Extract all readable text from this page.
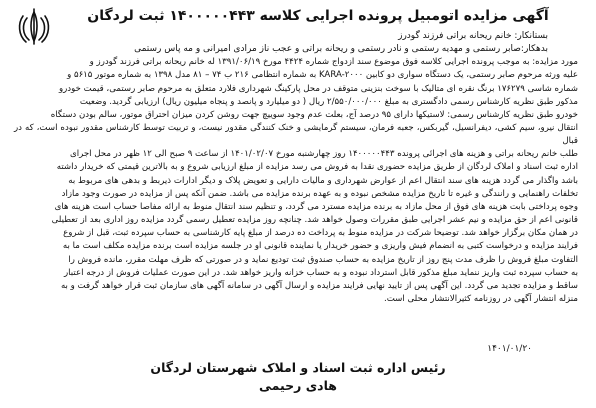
آگهی مزایده اتومبیل پرونده اجرایی کلاسه ۱۴۰۰۰۰۰۴۴۳ ثبت لردگان

بستانکار: خانم ریحانه براتی فرزند گودرز

بدهکار:صابر رستمی و مهدیه رستمی و نادر رستمی و ریحانه براتی و عجب ناز مرادی امیرانی و مه پاس رستمی

مورد مزایده: به موجب پرونده اجرایی کلاسه فوق موضوع سند ازدواج شماره ۴۴۲۴ مورخ ۱۳۹۱/۰۶/۱۹ له خانم ریحانه براتی فرزند گودرز و
علیه ورثه مرحوم صابر رستمی، یک دستگاه سواری دو کابین KARA-۲۰۰۰ به شماره انتظامی ۲۱۶ ب ۷۴ – ۸۱ مدل ۱۳۹۸ به شماره موتور ۵۶۱۵ و
شماره شاسی ۱۷۶۲۷۹ برنگ نقره ای متالیک با سوخت بنزینی متوقف در محل پارکینگ شهرداری فلارد متعلق به مرحوم صابر رستمی، قیمت خودرو
مذکور طبق نظریه کارشناس رسمی دادگستری به مبلغ ۲/۵۵۰/۰۰۰/۰۰۰ ریال ( دو میلیارد و پانصد و پنجاه میلیون ریال) ارزیابی گردید. وضعیت
خودرو طبق نظریه کارشناس رسمی: لاستیکها دارای ۹۵ درصد آج، بعلت عدم وجود سوییچ جهت روشن کردن میزان احتراق موتور، سالم بودن دستگاه
انتقال نیرو، سیم کشی، دیفرانسیل، گیربکس، جعبه فرمان، سیستم گرمایشی و خنک کنندگی مقدور نیست، و تربیت توسط کارشناس مقدور نبوده است، که در قبال
طلب خانم ریحانه براتی و هزینه های اجرائی پرونده ۱۴۰۰۰۰۰۴۴۳ روز چهارشنبه مورخ ۱۴۰۱/۰۲/۰۷ از ساعت ۹ صبح الی ۱۲ ظهر در محل اجرای
اداره ثبت اسناد و املاک لردگان از طریق مزایده حضوری نقدا به فروش می رسد مزایده از مبلغ ارزیابی شروع و به بالاترین قیمتی که خریدار داشته
باشد واگذار می گردد هزینه های سند انتقال اعم از عوارض شهرداری و مالیات دارایی و تعویض پلاک و دیگر ادارات ذیربط و بدهی های مربوط به
تخلفات راهنمایی و رانندگی و غیره تا تاریخ مزایده مشخص نبوده و به عهده برنده مزایده می باشد. ضمن آنکه پس از مزایده در صورت وجود مازاد
وجوه پرداختی بابت هزینه های فوق از محل مازاد به برنده مزایده مسترد می گردد، و تنظیم سند انتقال منوط به ارائه مفاصا حساب است هزینه های
قانونی اعم از حق مزایده و نیم عشر اجرایی طبق مقررات وصول خواهد شد. چنانچه روز مزایده تعطیل رسمی گردد مزایده روز اداری بعد از تعطیلی
در همان مکان برگزار خواهد شد. توضیحا شرکت در مزایده منوط به پرداخت ده درصد از مبلغ پایه کارشناسی به حساب سپرده ثبت، قبل از شروع
فرایند مزایده و درخواست کتبی به انضمام فیش واریزی و حضور خریدار یا نماینده قانونی او در جلسه مزایده است برنده مزایده مکلف است ما به
التفاوت مبلغ فروش را ظرف مدت پنج روز از تاریخ مزایده به حساب صندوق ثبت تودیع نماید و در صورتی که ظرف مهلت مقرر، مانده فروش را
به حساب سپرده ثبت واریز ننماید مبلغ مذکور قابل استرداد نبوده و به حساب خزانه واریز خواهد شد. در این صورت عملیات فروش از درجه اعتبار
ساقط و مزایده تجدید می گردد. این آگهی پس از تایید نهایی فرایند مزایده و ارسال آگهی در سامانه آگهی های سازمان ثبت قرار خواهد گرفت و به
منزله انتشار آگهی در روزنامه کثیرالانتشار محلی است.

۱۴۰۱/۰۱/۲۰

رئیس اداره ثبت اسناد و املاک شهرستان لردگان

هادی رحیمی
